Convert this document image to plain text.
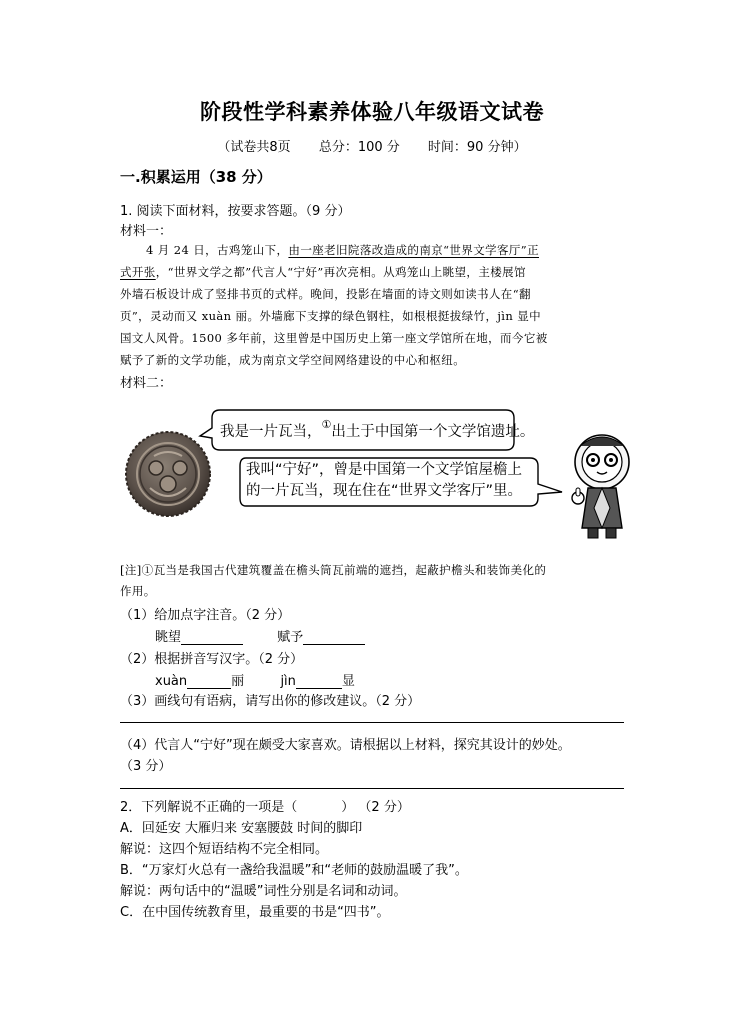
阶段性学科素养体验八年级语文试卷
（试卷共8页 总分：100 分 时间：90 分钟）
一.积累运用（38 分）
1. 阅读下面材料，按要求答题。（9 分）
材料一：
4 月 24 日，古鸡笼山下，由一座老旧院落改造成的南京“世界文学客厅”正
式开张，“世界文学之都”代言人“宁好”再次亮相。从鸡笼山上眺望，主楼展馆
外墙石板设计成了竖排书页的式样。晚间，投影在墙面的诗文则如读书人在“翻
页”，灵动而又 xuàn 丽。外墙廊下支撑的绿色钢柱，如根根挺拔绿竹，jìn 显中
国文人风骨。1500 多年前，这里曾是中国历史上第一座文学馆所在地，而今它被
赋予了新的文学功能，成为南京文学空间网络建设的中心和枢纽。
材料二：
我是一片瓦当，①出土于中国第一个文学馆遗址。
我叫“宁好”，曾是中国第一个文学馆屋檐上
的一片瓦当，现在住在“世界文学客厅”里。
[注]①瓦当是我国古代建筑覆盖在檐头筒瓦前端的遮挡，起蔽护檐头和装饰美化的
作用。
（1）给加点字注音。（2 分）
眺望	赋予
（2）根据拼音写汉字。（2 分）
xuàn	丽	jìn	显
（3）画线句有语病，请写出你的修改建议。（2 分）
（4）代言人“宁好”现在颇受大家喜欢。请根据以上材料，探究其设计的妙处。
（3 分）
2．下列解说不正确的一项是（	） （2 分）
A．回延安 大雁归来 安塞腰鼓 时间的脚印
解说：这四个短语结构不完全相同。
B．“万家灯火总有一盏给我温暖”和“老师的鼓励温暖了我”。
解说：两句话中的“温暖”词性分别是名词和动词。
C．在中国传统教育里，最重要的书是“四书”。
